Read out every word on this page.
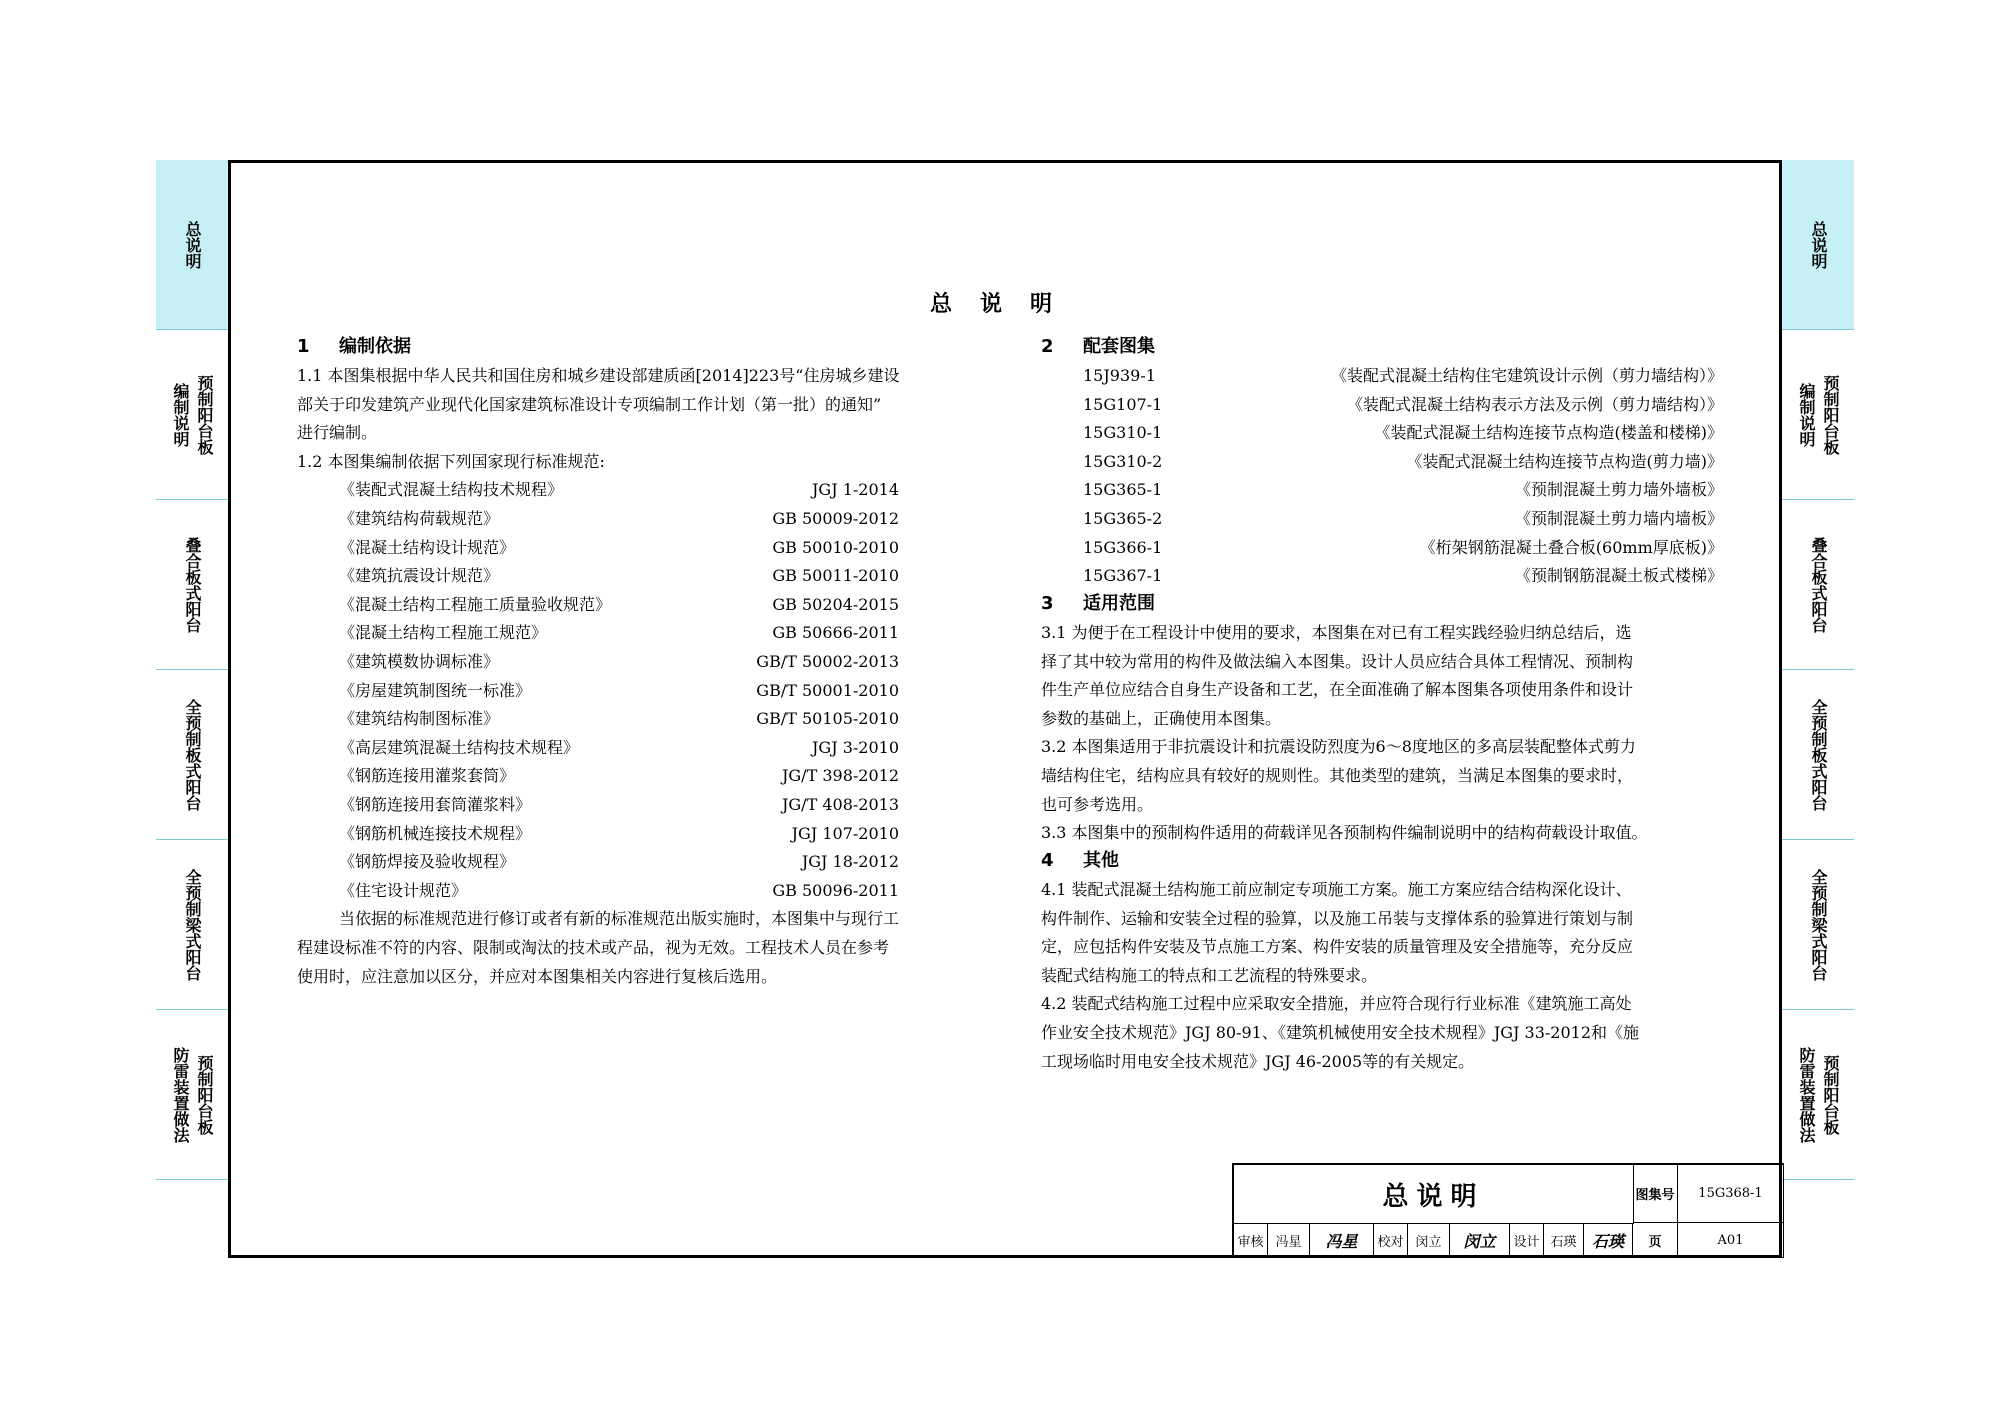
总说明
编制说明 预制阳台板
叠合板式阳台
全预制板式阳台
全预制梁式阳台
防雷装置做法 预制阳台板
总说明
编制说明 预制阳台板
叠合板式阳台
全预制板式阳台
全预制梁式阳台
防雷装置做法 预制阳台板
总说明
1 编制依据
1.1 本图集根据中华人民共和国住房和城乡建设部建质函[2014]223号“住房城乡建设
部关于印发建筑产业现代化国家建筑标准设计专项编制工作计划（第一批）的通知”
进行编制。
1.2 本图集编制依据下列国家现行标准规范:
《装配式混凝土结构技术规程》	JGJ 1-2014
《建筑结构荷载规范》	GB 50009-2012
《混凝土结构设计规范》	GB 50010-2010
《建筑抗震设计规范》	GB 50011-2010
《混凝土结构工程施工质量验收规范》	GB 50204-2015
《混凝土结构工程施工规范》	GB 50666-2011
《建筑模数协调标准》	GB/T 50002-2013
《房屋建筑制图统一标准》	GB/T 50001-2010
《建筑结构制图标准》	GB/T 50105-2010
《高层建筑混凝土结构技术规程》	JGJ 3-2010
《钢筋连接用灌浆套筒》	JG/T 398-2012
《钢筋连接用套筒灌浆料》	JG/T 408-2013
《钢筋机械连接技术规程》	JGJ 107-2010
《钢筋焊接及验收规程》	JGJ 18-2012
《住宅设计规范》	GB 50096-2011
当依据的标准规范进行修订或者有新的标准规范出版实施时，本图集中与现行工
程建设标准不符的内容、限制或淘汰的技术或产品，视为无效。工程技术人员在参考
使用时，应注意加以区分，并应对本图集相关内容进行复核后选用。
2 配套图集
15J939-1	《装配式混凝土结构住宅建筑设计示例（剪力墙结构）》
15G107-1	《装配式混凝土结构表示方法及示例（剪力墙结构）》
15G310-1	《装配式混凝土结构连接节点构造(楼盖和楼梯)》
15G310-2	《装配式混凝土结构连接节点构造(剪力墙)》
15G365-1	《预制混凝土剪力墙外墙板》
15G365-2	《预制混凝土剪力墙内墙板》
15G366-1	《桁架钢筋混凝土叠合板(60mm厚底板)》
15G367-1	《预制钢筋混凝土板式楼梯》
3 适用范围
3.1 为便于在工程设计中使用的要求，本图集在对已有工程实践经验归纳总结后，选
择了其中较为常用的构件及做法编入本图集。设计人员应结合具体工程情况、预制构
件生产单位应结合自身生产设备和工艺，在全面准确了解本图集各项使用条件和设计
参数的基础上，正确使用本图集。
3.2 本图集适用于非抗震设计和抗震设防烈度为6～8度地区的多高层装配整体式剪力
墙结构住宅，结构应具有较好的规则性。其他类型的建筑，当满足本图集的要求时，
也可参考选用。
3.3 本图集中的预制构件适用的荷载详见各预制构件编制说明中的结构荷载设计取值。
4 其他
4.1 装配式混凝土结构施工前应制定专项施工方案。施工方案应结合结构深化设计、
构件制作、运输和安装全过程的验算，以及施工吊装与支撑体系的验算进行策划与制
定，应包括构件安装及节点施工方案、构件安装的质量管理及安全措施等，充分反应
装配式结构施工的特点和工艺流程的特殊要求。
4.2 装配式结构施工过程中应采取安全措施，并应符合现行行业标准《建筑施工高处
作业安全技术规范》JGJ 80-91、《建筑机械使用安全技术规程》JGJ 33-2012和《施
工现场临时用电安全技术规范》JGJ 46-2005等的有关规定。
总说明	图集号	15G368-1
审核 冯星	冯星	校对 闵立	闵立	设计 石瑛 石瑛	页	A01
